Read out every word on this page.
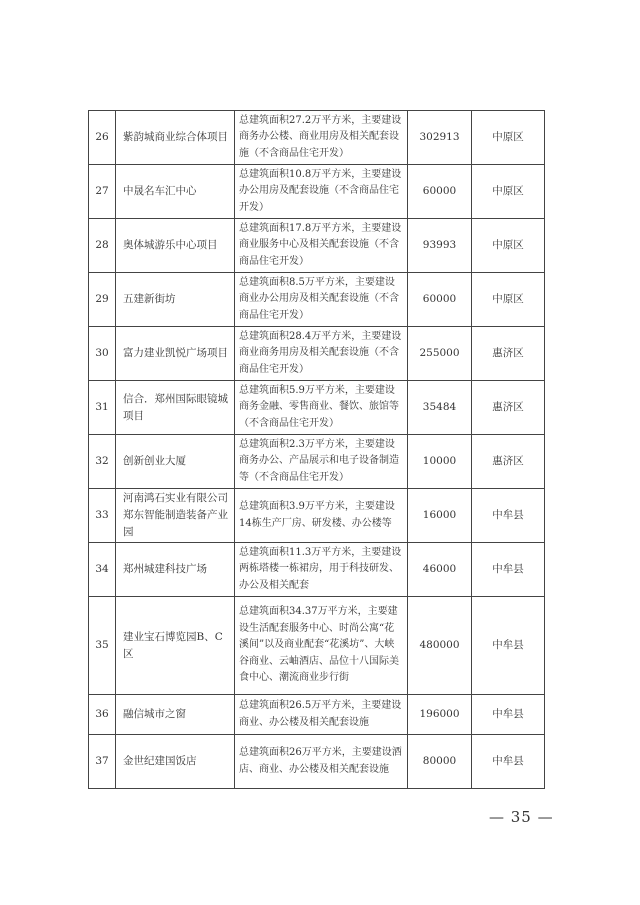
26	紫韵城商业综合体项目	总建筑面积27.2万平方米，主要建设商务办公楼、商业用房及相关配套设施（不含商品住宅开发）	302913	中原区
27	中晟名车汇中心	总建筑面积10.8万平方米，主要建设办公用房及配套设施（不含商品住宅开发）	60000	中原区
28	奥体城游乐中心项目	总建筑面积17.8万平方米，主要建设商业服务中心及相关配套设施（不含商品住宅开发）	93993	中原区
29	五建新街坊	总建筑面积8.5万平方米，主要建设商业办公用房及相关配套设施（不含商品住宅开发）	60000	中原区
30	富力建业凯悦广场项目	总建筑面积28.4万平方米，主要建设商业商务用房及相关配套设施（不含商品住宅开发）	255000	惠济区
31	信合．郑州国际眼镜城项目	总建筑面积5.9万平方米，主要建设商务金融、零售商业、餐饮、旅馆等（不含商品住宅开发）	35484	惠济区
32	创新创业大厦	总建筑面积2.3万平方米，主要建设商务办公、产品展示和电子设备制造等（不含商品住宅开发）	10000	惠济区
33	河南鸿石实业有限公司郑东智能制造装备产业园	总建筑面积3.9万平方米，主要建设14栋生产厂房、研发楼、办公楼等	16000	中牟县
34	郑州城建科技广场	总建筑面积11.3万平方米，主要建设两栋塔楼一栋裙房，用于科技研发、办公及相关配套	46000	中牟县
35	建业宝石博览园B、C区	总建筑面积34.37万平方米，主要建设生活配套服务中心、时尚公寓“花溪间”以及商业配套“花溪坊”、大峡谷商业、云岫酒店、品位十八国际美食中心、潮流商业步行街	480000	中牟县
36	融信城市之窗	总建筑面积26.5万平方米，主要建设商业、办公楼及相关配套设施	196000	中牟县
37	金世纪建国饭店	总建筑面积26万平方米，主要建设酒店、商业、办公楼及相关配套设施	80000	中牟县
— 35 —
